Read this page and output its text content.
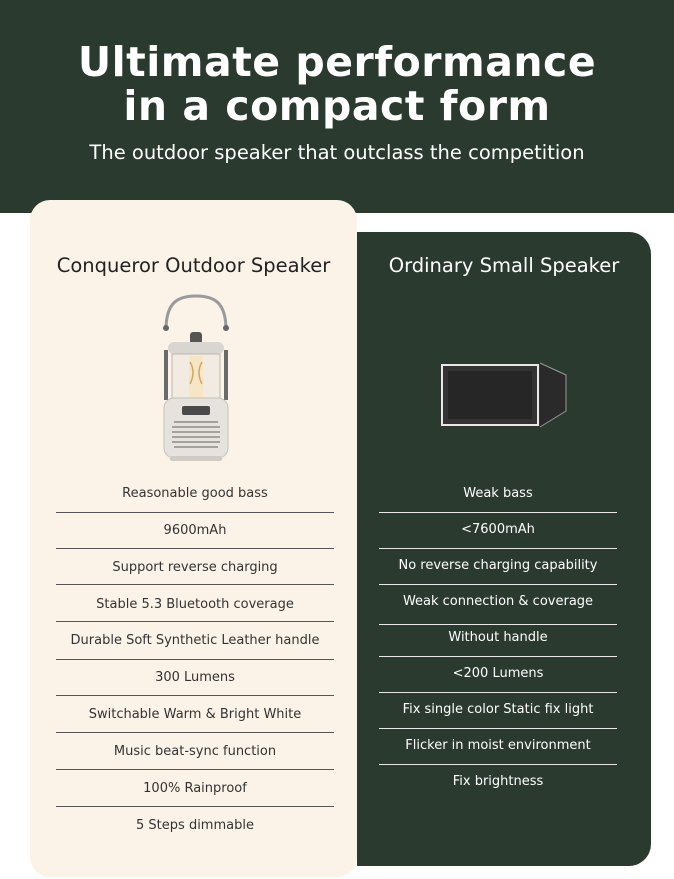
Ultimate performance
in a compact form
The outdoor speaker that outclass the competition
Conqueror Outdoor Speaker	Ordinary Small Speaker
Reasonable good bass
9600mAh
Support reverse charging
Stable 5.3 Bluetooth coverage
Durable Soft Synthetic Leather handle
300 Lumens
Switchable Warm & Bright White
Music beat-sync function
100% Rainproof
5 Steps dimmable
Weak bass
<7600mAh
No reverse charging capability
Weak connection & coverage
Without handle
<200 Lumens
Fix single color Static fix light
Flicker in moist environment
Fix brightness
